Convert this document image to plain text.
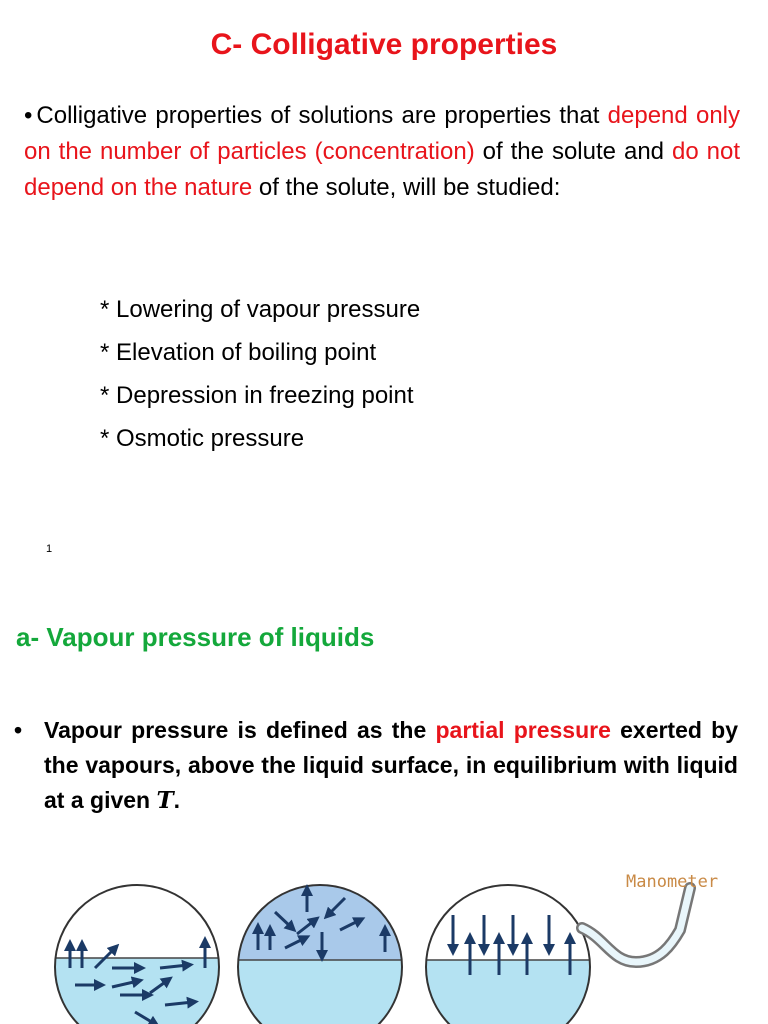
C- Colligative properties
• Colligative properties of solutions are properties that depend only on the number of particles (concentration) of the solute and do not depend on the nature of the solute, will be studied:
* Lowering of vapour pressure
* Elevation of boiling point
* Depression in freezing point
* Osmotic pressure
1
a- Vapour pressure of liquids
• Vapour pressure is defined as the partial pressure exerted by the vapours, above the liquid surface, in equilibrium with liquid at a given T.
Manometer
